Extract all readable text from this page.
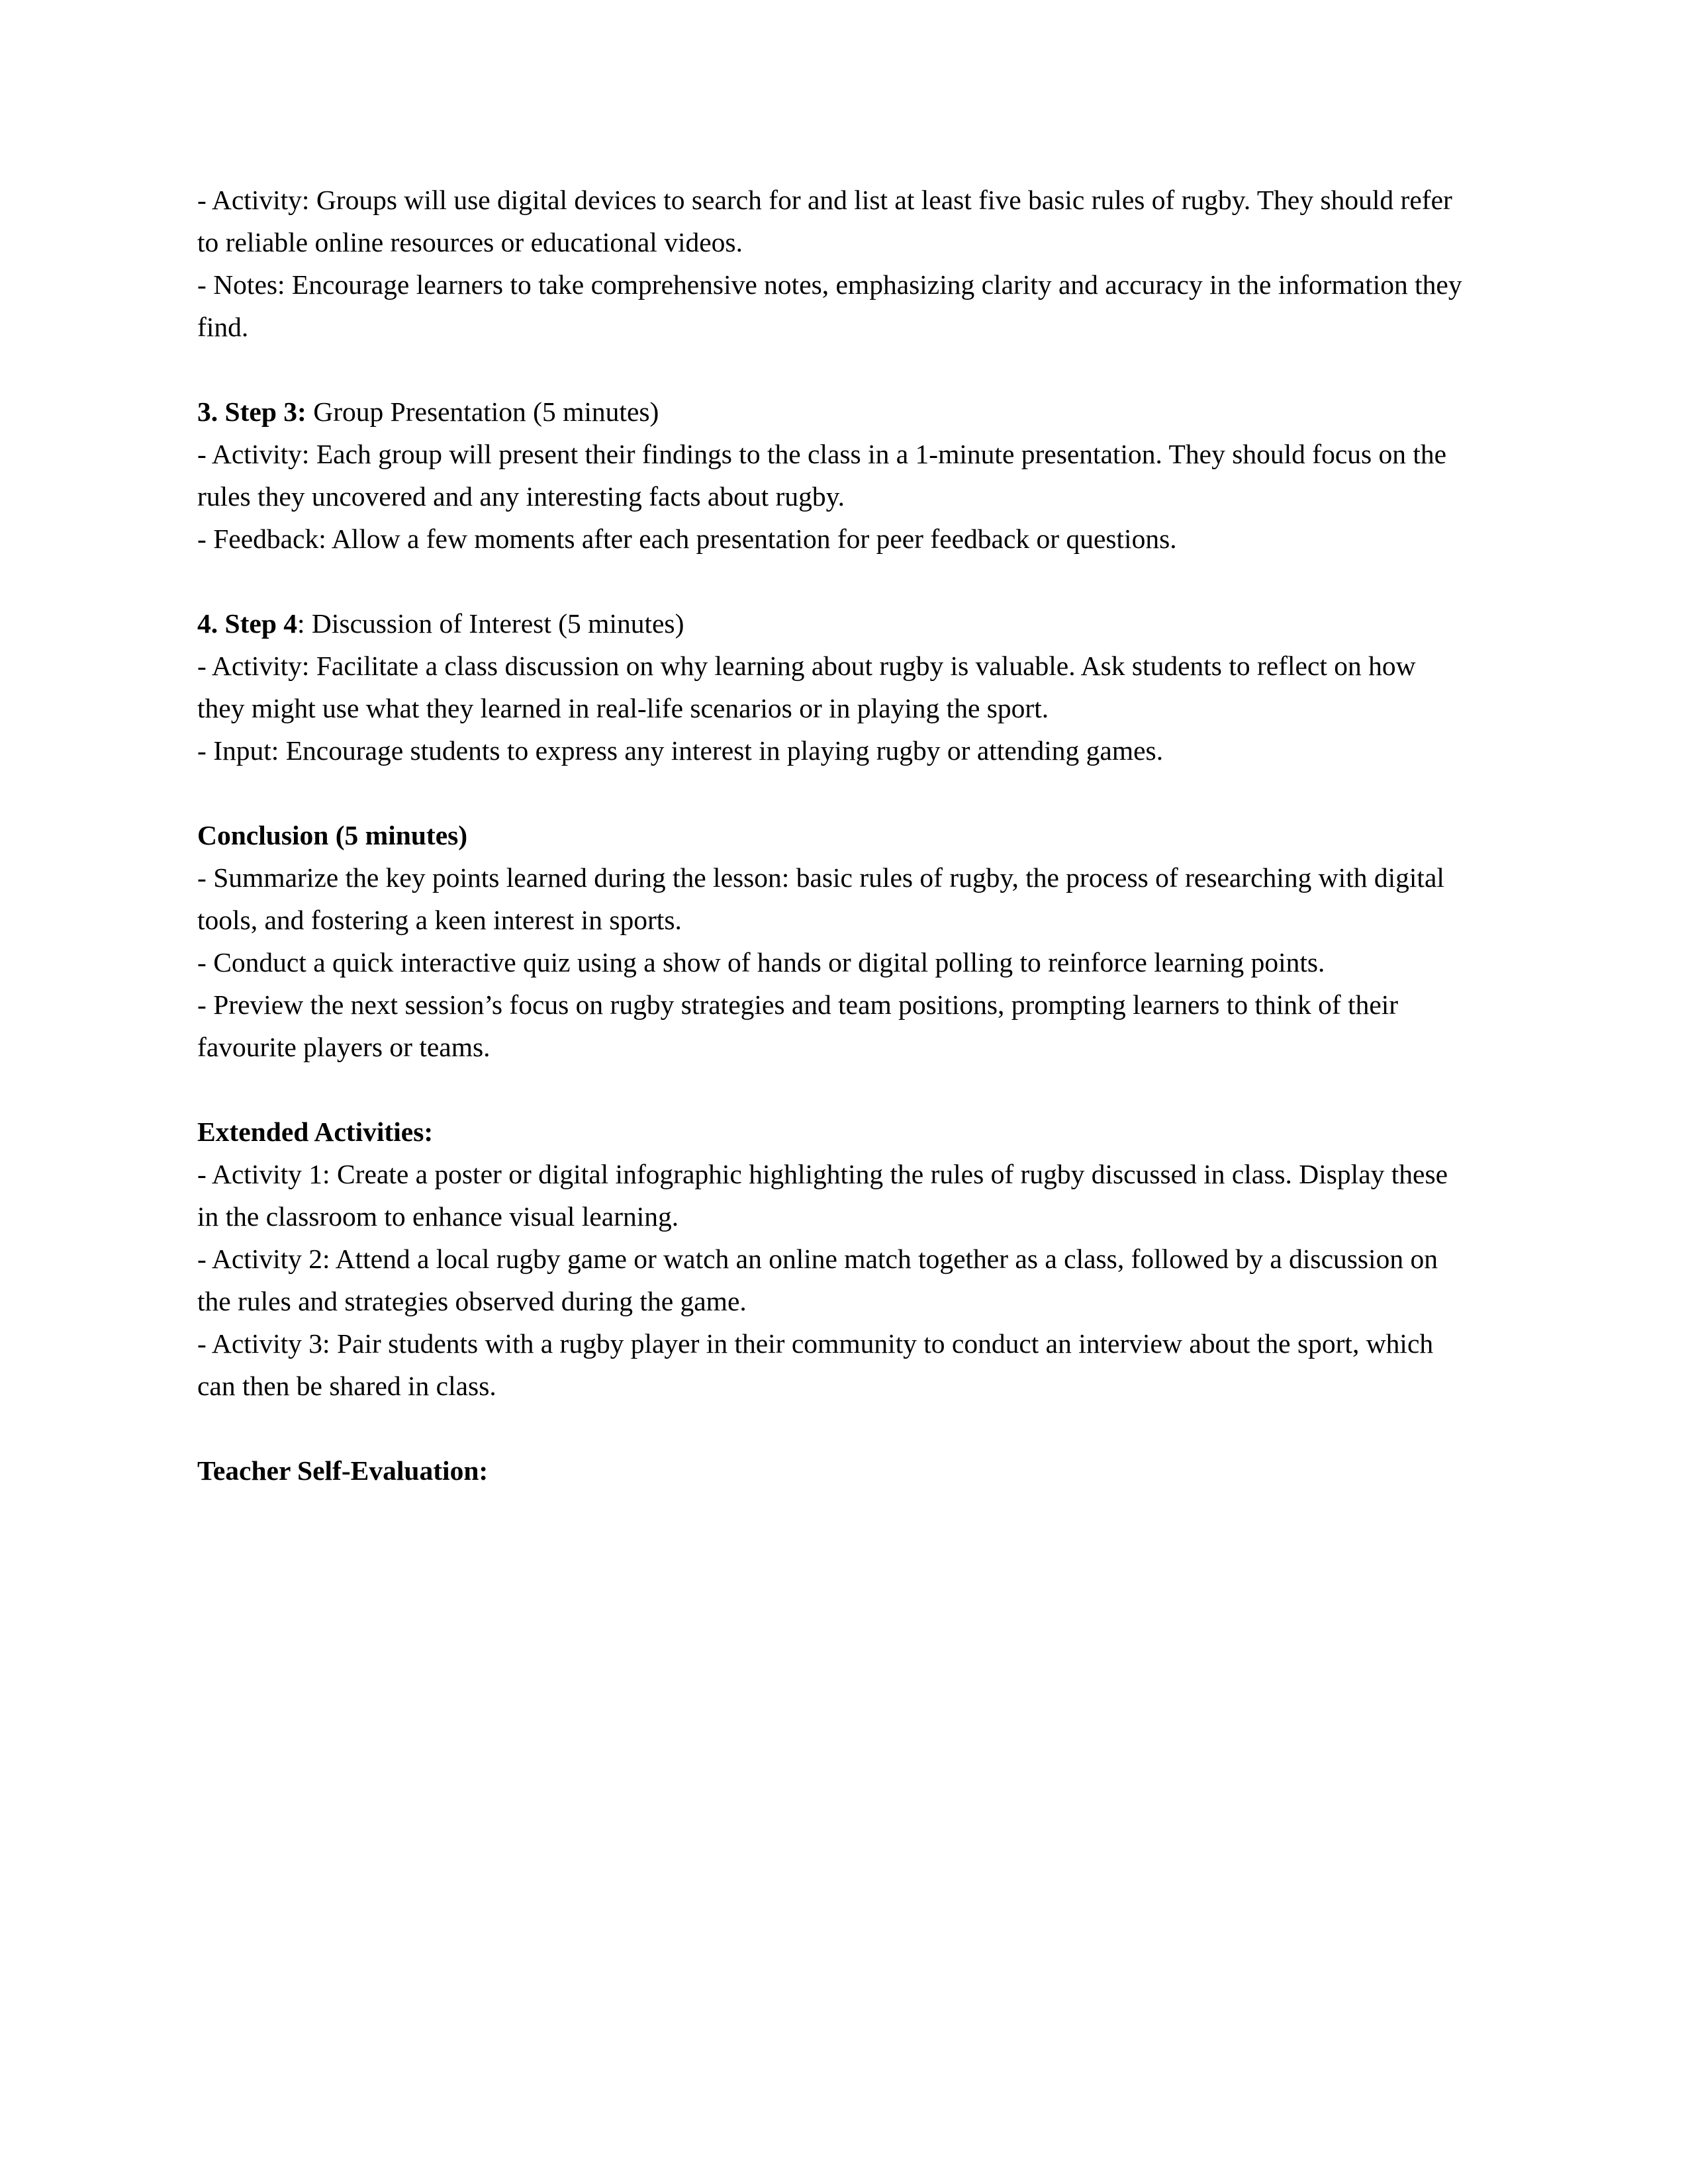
- Activity: Groups will use digital devices to search for and list at least five basic rules of rugby. They should refer to reliable online resources or educational videos.

- Notes: Encourage learners to take comprehensive notes, emphasizing clarity and accuracy in the information they find.

3. Step 3: Group Presentation (5 minutes)

- Activity: Each group will present their findings to the class in a 1-minute presentation. They should focus on the rules they uncovered and any interesting facts about rugby.

- Feedback: Allow a few moments after each presentation for peer feedback or questions.

4. Step 4: Discussion of Interest (5 minutes)

- Activity: Facilitate a class discussion on why learning about rugby is valuable. Ask students to reflect on how they might use what they learned in real-life scenarios or in playing the sport.

- Input: Encourage students to express any interest in playing rugby or attending games.

Conclusion (5 minutes)

- Summarize the key points learned during the lesson: basic rules of rugby, the process of researching with digital tools, and fostering a keen interest in sports.

- Conduct a quick interactive quiz using a show of hands or digital polling to reinforce learning points.

- Preview the next session’s focus on rugby strategies and team positions, prompting learners to think of their favourite players or teams.

Extended Activities:

- Activity 1: Create a poster or digital infographic highlighting the rules of rugby discussed in class. Display these in the classroom to enhance visual learning.

- Activity 2: Attend a local rugby game or watch an online match together as a class, followed by a discussion on the rules and strategies observed during the game.

- Activity 3: Pair students with a rugby player in their community to conduct an interview about the sport, which can then be shared in class.

Teacher Self-Evaluation:
